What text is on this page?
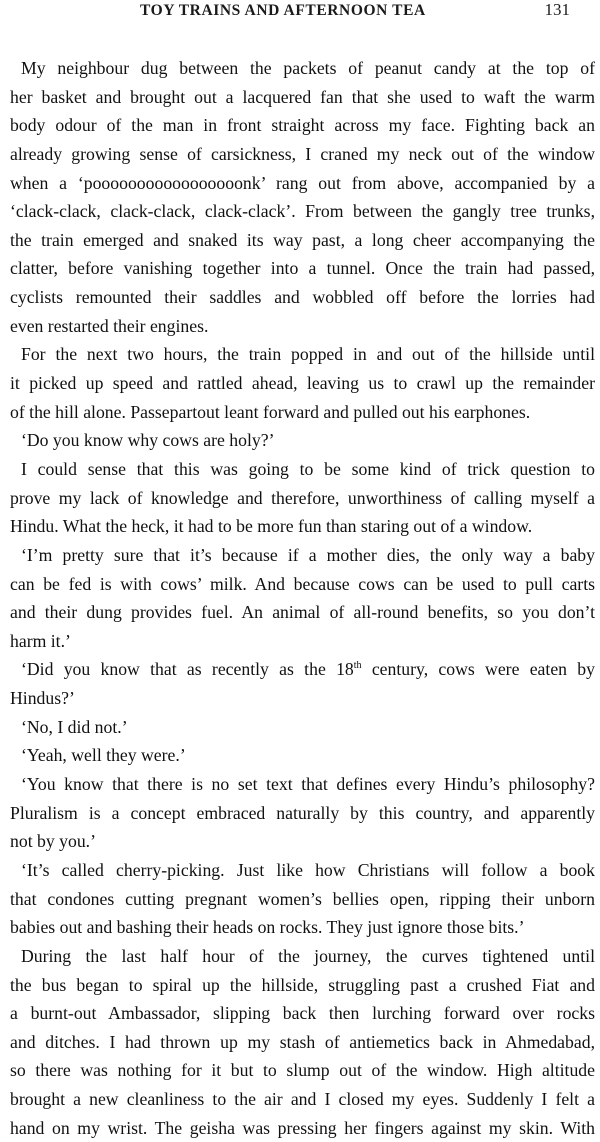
TOY TRAINS AND AFTERNOON TEA	131
My neighbour dug between the packets of peanut candy at the top of
her basket and brought out a lacquered fan that she used to waft the warm
body odour of the man in front straight across my face. Fighting back an
already growing sense of carsickness, I craned my neck out of the window
when a ‘pooooooooooooooooonk’ rang out from above, accompanied by a
‘clack-clack, clack-clack, clack-clack’. From between the gangly tree trunks,
the train emerged and snaked its way past, a long cheer accompanying the
clatter, before vanishing together into a tunnel. Once the train had passed,
cyclists remounted their saddles and wobbled off before the lorries had
even restarted their engines.
For the next two hours, the train popped in and out of the hillside until
it picked up speed and rattled ahead, leaving us to crawl up the remainder
of the hill alone. Passepartout leant forward and pulled out his earphones.
‘Do you know why cows are holy?’
I could sense that this was going to be some kind of trick question to
prove my lack of knowledge and therefore, unworthiness of calling myself a
Hindu. What the heck, it had to be more fun than staring out of a window.
‘I’m pretty sure that it’s because if a mother dies, the only way a baby
can be fed is with cows’ milk. And because cows can be used to pull carts
and their dung provides fuel. An animal of all-round benefits, so you don’t
harm it.’
‘Did you know that as recently as the 18th century, cows were eaten by
Hindus?’
‘No, I did not.’
‘Yeah, well they were.’
‘You know that there is no set text that defines every Hindu’s philosophy?
Pluralism is a concept embraced naturally by this country, and apparently
not by you.’
‘It’s called cherry-picking. Just like how Christians will follow a book
that condones cutting pregnant women’s bellies open, ripping their unborn
babies out and bashing their heads on rocks. They just ignore those bits.’
During the last half hour of the journey, the curves tightened until
the bus began to spiral up the hillside, struggling past a crushed Fiat and
a burnt-out Ambassador, slipping back then lurching forward over rocks
and ditches. I had thrown up my stash of antiemetics back in Ahmedabad,
so there was nothing for it but to slump out of the window. High altitude
brought a new cleanliness to the air and I closed my eyes. Suddenly I felt a
hand on my wrist. The geisha was pressing her fingers against my skin. With
